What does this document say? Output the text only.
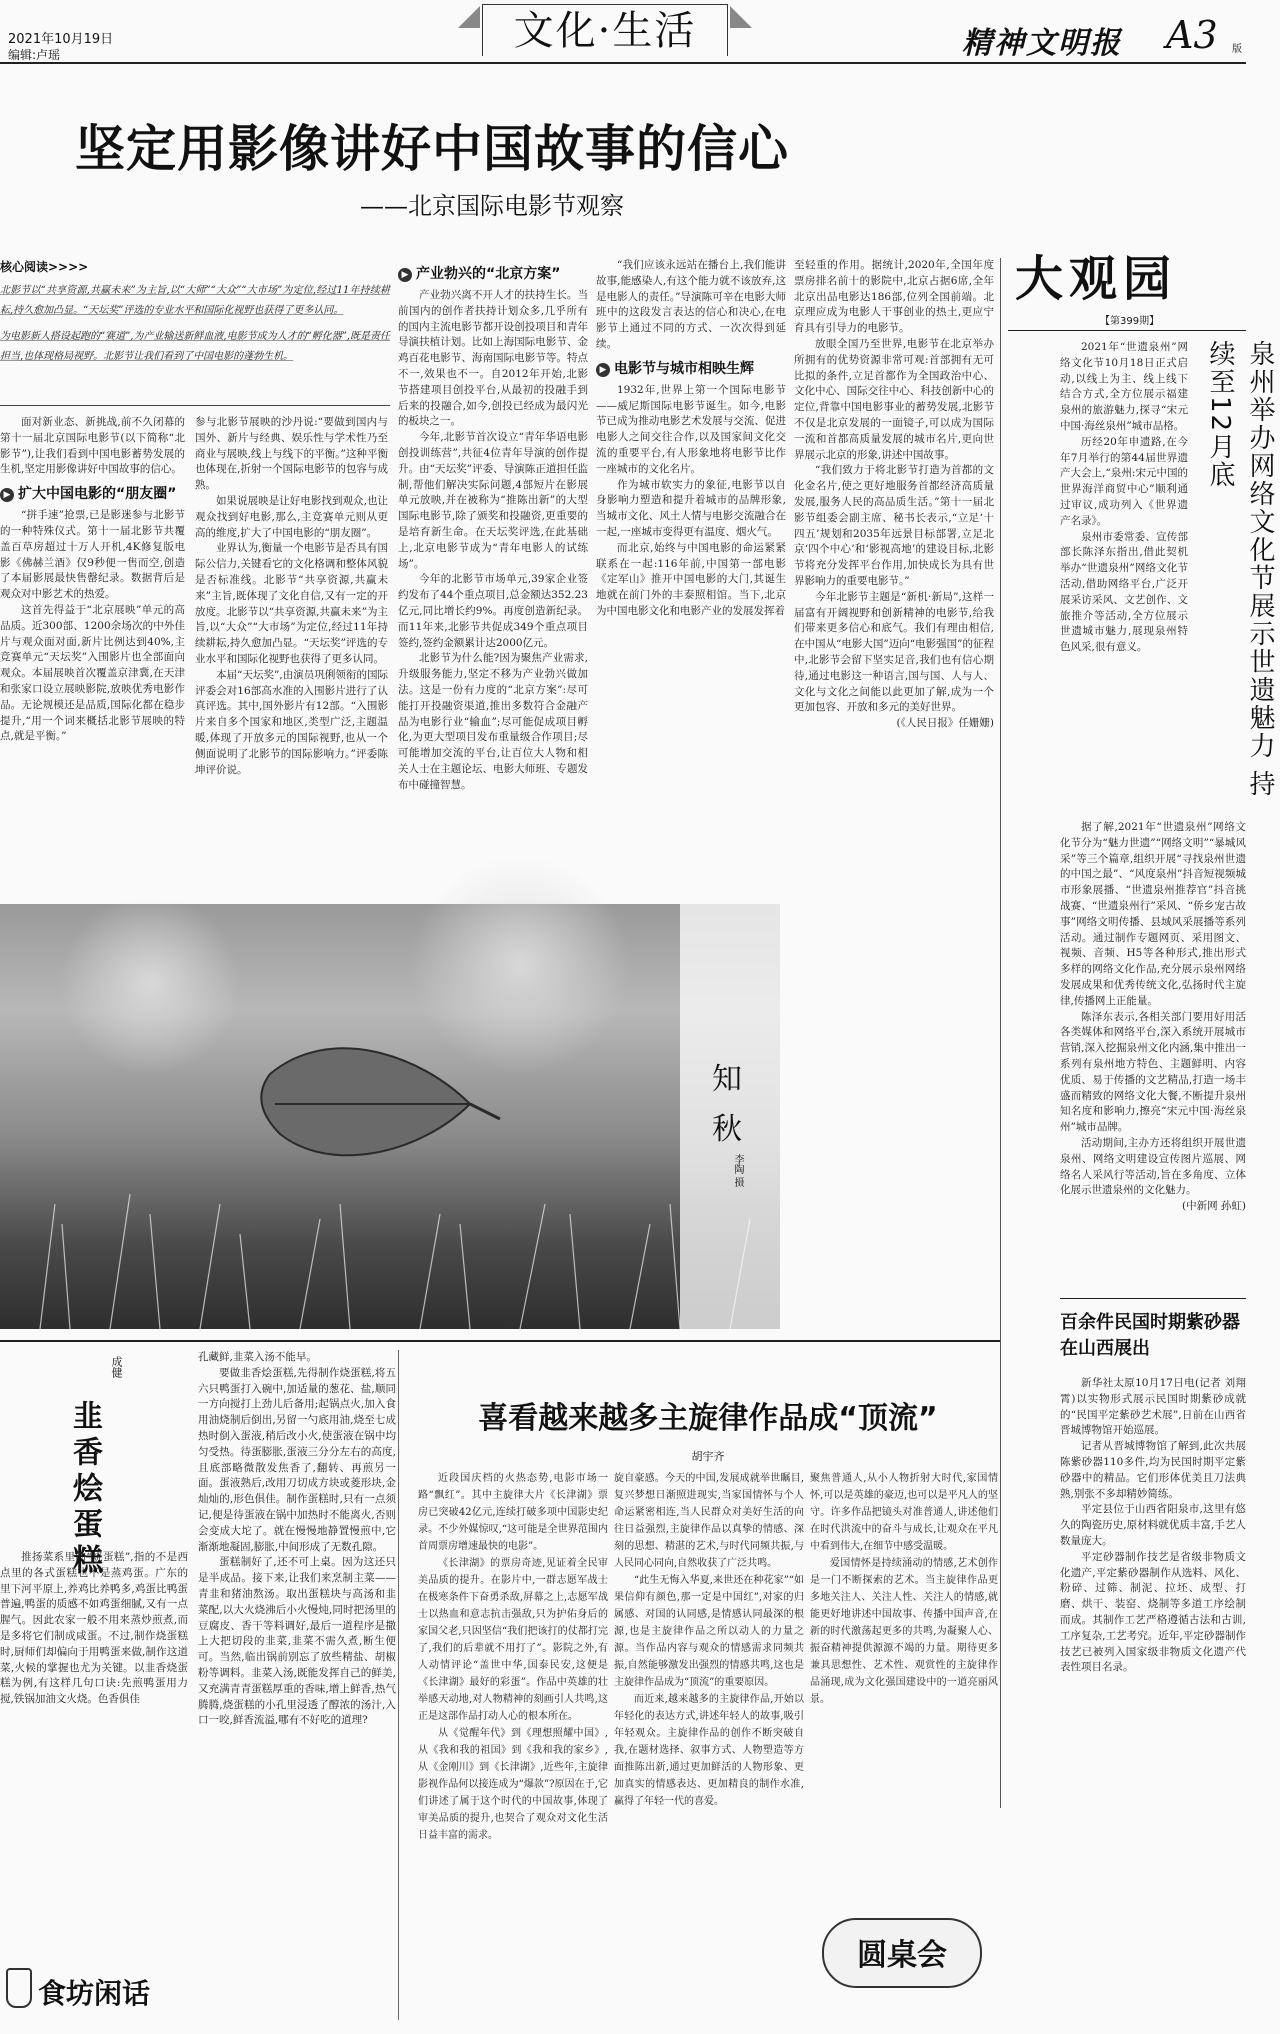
2021年10月19日
编辑:卢瑶
文化·生活	精神文明报 A3 版
坚定用影像讲好中国故事的信心
——北京国际电影节观察
核心阅读>>>>
北影节以“共享资源,共赢未来”为主旨,以“大师”“大众”“大市场”为定位,经过11年持续耕耘,持久愈加凸显。“天坛奖”评选的专业水平和国际化视野也获得了更多认同。
为电影新人搭设起跑的“赛道”,为产业输送新鲜血液,电影节成为人才的“孵化器”,既是责任担当,也体现格局视野。北影节让我们看到了中国电影的蓬勃生机。

面对新业态、新挑战,前不久闭幕的第十一届北京国际电影节(以下简称“北影节”),让我们看到中国电影蓄势发展的生机,坚定用影像讲好中国故事的信心。

▶ 扩大中国电影的“朋友圈”

“拼手速”抢票,已是影迷参与北影节的一种特殊仪式。第十一届北影节共覆盖百草房超过十万人开机,4K修复版电影《佛赫兰酒》仅9秒便一售而空,创造了本届影展最快售罄纪录。数据背后是观众对中影艺术的热爱。

这首先得益于“北京展映”单元的高品质。近300部、1200余场次的中外佳片与观众面对面,新片比例达到40%,主竞赛单元“天坛奖”入围影片也全部面向观众。本届展映首次覆盖京津冀,在天津和张家口设立展映影院,放映优秀电影作品。无论规模还是品质,国际化都在稳步提升,“用一个词来概括北影节展映的特点,就是平衡。”

参与北影节展映的沙丹说:“要做到国内与国外、新片与经典、娱乐性与学术性乃至商业与展映,线上与线下的平衡。”这种平衡也体现在,折射一个国际电影节的包容与成熟。

如果说展映是让好电影找到观众,也让观众找到好电影,那么,主竞赛单元则从更高的维度,扩大了中国电影的“朋友圈”。

业界认为,衡量一个电影节是否具有国际公信力,关键看它的文化格调和整体风貌是否标准线。北影节“共享资源,共赢未来”主旨,既体现了文化自信,又有一定的开放度。北影节以“共享资源,共赢未来”为主旨,以“大众”“大市场”为定位,经过11年持续耕耘,持久愈加凸显。“天坛奖”评选的专业水平和国际化视野也获得了更多认同。

本届“天坛奖”,由演员巩俐领衔的国际评委会对16部高水准的入围影片进行了认真评选。其中,国外影片有12部。“入围影片来自多个国家和地区,类型广泛,主题温暖,体现了开放多元的国际视野,也从一个侧面说明了北影节的国际影响力。”评委陈坤评价说。

▶ 产业勃兴的“北京方案”

产业勃兴离不开人才的扶持生长。当前国内的创作者扶持计划众多,几乎所有的国内主流电影节都开设创投项目和青年导演扶植计划。比如上海国际电影节、金鸡百花电影节、海南国际电影节等。特点不一,效果也不一。自2012年开始,北影节搭建项目创投平台,从最初的投融手到后来的投融合,如今,创投已经成为最闪光的板块之一。

今年,北影节首次设立“青年华语电影创投训练营”,共征4位青年导演的创作提升。由“天坛奖”评委、导演陈正道担任监制,帮他们解决实际问题,4部短片在影展单元放映,并在被称为“推陈出新”的大型国际电影节,除了颁奖和投融资,更重要的是培育新生命。在天坛奖评选,在此基础上,北京电影节成为“青年电影人的试练场”。

今年的北影节市场单元,39家企业签约发布了44个重点项目,总金额达352.23亿元,同比增长约9%。再度创造新纪录。而11年来,北影节共促成349个重点项目签约,签约金额累计达2000亿元。

北影节为什么能?因为聚焦产业需求,升级服务能力,坚定不移为产业勃兴做加法。这是一份有力度的“北京方案”:尽可能打开投融资渠道,推出多数符合金融产品为电影行业“输血”;尽可能促成项目孵化,为更大型项目发布重量级合作项目;尽可能增加交流的平台,让百位大人物和相关人士在主题论坛、电影大师班、专题发布中碰撞智慧。

“我们应该永远站在播台上,我们能讲故事,能感染人,有这个能力就不该放弃,这是电影人的责任。”导演陈可辛在电影大师班中的这段发言表达的信心和决心,在电影节上通过不同的方式、一次次得到延续。

▶ 电影节与城市相映生辉

1932年,世界上第一个国际电影节——威尼斯国际电影节诞生。如今,电影节已成为推动电影艺术发展与交流、促进电影人之间交往合作,以及国家间文化交流的重要平台,有人形象地将电影节比作一座城市的文化名片。

作为城市软实力的象征,电影节以自身影响力塑造和提升着城市的品牌形象,当城市文化、风土人情与电影交流融合在一起,一座城市变得更有温度、烟火气。

而北京,始终与中国电影的命运紧紧联系在一起:116年前,中国第一部电影《定军山》推开中国电影的大门,其诞生地就在前门外的丰泰照相馆。当下,北京为中国电影文化和电影产业的发展发挥着

至轻重的作用。据统计,2020年,全国年度票房排名前十的影院中,北京占据6席,全年北京出品电影达186部,位列全国前端。北京理应成为电影人干事创业的热土,更应宁育具有引导力的电影节。

放眼全国乃至世界,电影节在北京举办所拥有的优势资源非常可观:首部拥有无可比拟的条件,立足首都作为全国政治中心、文化中心、国际交往中心、科技创新中心的定位,背靠中国电影事业的蓄势发展,北影节不仅是北京发展的一面镜子,可以成为国际一流和首都高质量发展的城市名片,更向世界展示北京的形象,讲述中国故事。

“我们致力于将北影节打造为首都的文化金名片,使之更好地服务首都经济高质量发展,服务人民的高品质生活。”第十一届北影节组委会副主席、秘书长表示,“立足‘十四五’规划和2035年远景目标部署,立足北京‘四个中心’和‘影视高地’的建设目标,北影节将充分发挥平台作用,加快成长为具有世界影响力的重要电影节。”

今年北影节主题是“新机·新局”,这样一届富有开阔视野和创新精神的电影节,给我们带来更多信心和底气。我们有理由相信,在中国从“电影大国”迈向“电影强国”的征程中,北影节会留下坚实足音,我们也有信心期待,通过电影这一种语言,国与国、人与人、文化与文化之间能以此更加了解,成为一个更加包容、开放和多元的美好世界。

(《人民日报》任姗姗)
知
秋
李陶 摄
大观园
【第399期】
泉州举办网络文化节展示世遗魅力 持续至12月底

2021年“世遗泉州”网络文化节10月18日正式启动,以线上为主、线上线下结合方式,全方位展示福建泉州的旅游魅力,探寻“宋元中国·海丝泉州”城市品格。

历经20年申遗路,在今年7月举行的第44届世界遗产大会上,“泉州:宋元中国的世界海洋商贸中心”顺利通过审议,成功列入《世界遗产名录》。

泉州市委常委、宣传部部长陈泽东指出,借此契机举办“世遗泉州”网络文化节活动,借助网络平台,广泛开展采访采风、文艺创作、文旅推介等活动,全方位展示世遗城市魅力,展现泉州特色风采,很有意义。

据了解,2021年“世遗泉州”网络文化节分为“魅力世遗”“网络文明”“暴城风采”等三个篇章,组织开展“寻找泉州世遗的中国之最”、“风度泉州”抖音短视频城市形象展播、“世遗泉州推荐官”抖音挑战赛、“世遗泉州行”采风、“侨乡宠古故事”网络文明传播、县域风采展播等系列活动。通过制作专题网页、采用图文、视频、音频、H5等各种形式,推出形式多样的网络文化作品,充分展示泉州网络发展成果和优秀传统文化,弘扬时代主旋律,传播网上正能量。

陈泽东表示,各相关部门要用好用活各类媒体和网络平台,深入系统开展城市营销,深入挖掘泉州文化内涵,集中推出一系列有泉州地方特色、主题鲜明、内容优质、易于传播的文艺精品,打造一场丰盛而精致的网络文化大餐,不断提升泉州知名度和影响力,擦亮“宋元中国·海丝泉州”城市品牌。

活动期间,主办方还将组织开展世遗泉州、网络文明建设宣传图片巡展、网络名人采风行等活动,旨在多角度、立体化展示世遗泉州的文化魅力。

(中新网 孙虹)
百余件民国时期紫砂器在山西展出

新华社太原10月17日电(记者 刘翔霄)以实物形式展示民国时期紫砂成就的“民国平定紫砂艺术展”,日前在山西省晋城博物馆开始巡展。

记者从晋城博物馆了解到,此次共展陈紫砂器110多件,均为民国时期平定紫砂器中的精品。它们形体优美且刀法典熟,别张不多却精妙简练。

平定县位于山西省阳泉市,这里有悠久的陶瓷历史,原材料就优质丰富,手艺人数量庞大。

平定砂器制作技艺是省级非物质文化遗产,平定紫砂器制作从选料、风化、粉碎、过筛、制泥、拉坯、成型、打磨、烘干、装窑、烧制等多道工序绘制而成。其制作工艺严格遵循古法和古训,工序复杂,工艺考究。近年,平定砂器制作技艺已被列入国家级非物质文化遗产代表性项目名录。

成健
韭香烩蛋糕

推扬菜系里的“烧蛋糕”,指的不是西点里的各式蛋糕也不是蒸鸡蛋。广东的里下河平原上,养鸡比养鸭多,鸡蛋比鸭蛋普遍,鸭蛋的质感不如鸡蛋细腻,又有一点腥气。因此农家一般不用来蒸炒煎煮,而是多将它们制成咸蛋。不过,制作烧蛋糕时,厨师们却偏向于用鸭蛋来做,制作这道菜,火候的掌握也尤为关键。以韭香烧蛋糕为例,有这样几句口诀:先煎鸭蛋用力搅,铁锅加油文火烧。色香俱佳

孔藏鲜,韭菜入汤不能早。

要做韭香烩蛋糕,先得制作烧蛋糕,将五六只鸭蛋打入碗中,加适量的葱花、盐,顺同一方向搅打上劲儿后备用;起锅点火,加入食用油烧制后倒出,另留一勺底用油,烧至七成热时倒入蛋液,稍后改小火,使蛋液在锅中均匀受热。待蛋膨胀,蛋液三分分左右的高度,且底部略微散发焦香了,翻转、再煎另一面。蛋液熟后,改用刀切成方块或菱形块,金灿灿的,形色俱佳。制作蛋糕时,只有一点须记,便是待蛋液在锅中加热时不能离火,否则会变成大坨了。就在慢慢地静置慢煎中,它渐渐地凝固,膨胀,中间形成了无数孔隙。

蛋糕制好了,还不可上桌。因为这还只是半成品。接下来,让我们来烹制主菜——青韭和猪油熬汤。取出蛋糕块与高汤和韭菜配,以大火烧沸后小火慢炖,同时把汤里的豆腐皮、香干等料调好,最后一道程序是撒上大把切段的韭菜,韭菜不需久煮,断生便可。当然,临出锅前别忘了放些精盐、胡椒粉等调料。韭菜入汤,既能发挥自己的鲜美,又充满青青蛋糕厚重的香味,增上鲜香,热气腾腾,烧蛋糕的小孔里浸透了醇浓的汤汁,入口一咬,鲜香流溢,哪有不好吃的道理?

食坊闲话
喜看越来越多主旋律作品成“顶流”
胡宇齐

近段国庆档的火热态势,电影市场一路“飘红”。其中主旋律大片《长津湖》票房已突破42亿元,连续打破多项中国影史纪录。不少外媒惊叹,“这可能是全世界范围内首周票房增速最快的电影”。

《长津湖》的票房奇迹,见证着全民审美品质的提升。在影片中,一群志愿军战士在极寒条件下奋勇杀敌,屏幕之上,志愿军战士以热血和意志抗击强敌,只为护佑身后的家国父老,只因坚信“我们把该打的仗都打完了,我们的后辈就不用打了”。影院之外,有人动情评论“盖世中华,国泰民安,这便是《长津湖》最好的彩蛋”。作品中英雄的壮举感天动地,对人物精神的刻画引人共鸣,这正是这部作品打动人心的根本所在。

从《觉醒年代》到《理想照耀中国》,从《我和我的祖国》到《我和我的家乡》,从《金刚川》到《长津湖》,近些年,主旋律影视作品何以接连成为“爆款”?原因在于,它们讲述了属于这个时代的中国故事,体现了审美品质的提升,也契合了观众对文化生活日益丰富的需求。

旋自豪感。今天的中国,发展成就举世瞩目,复兴梦想日渐照进现实,当家国情怀与个人命运紧密相连,当人民群众对美好生活的向往日益强烈,主旋律作品以真挚的情感、深刻的思想、精湛的艺术,与时代同频共振,与人民同心同向,自然收获了广泛共鸣。

“此生无悔入华夏,来世还在种花家”“如果信仰有颜色,那一定是中国红”,对家的归属感、对国的认同感,是情感认同最深的根源,也是主旋律作品之所以动人的力量之源。当作品内容与观众的情感需求同频共振,自然能够激发出强烈的情感共鸣,这也是主旋律作品成为“顶流”的重要原因。

而近来,越来越多的主旋律作品,开始以年轻化的表达方式,讲述年轻人的故事,吸引年轻观众。主旋律作品的创作不断突破自我,在题材选择、叙事方式、人物塑造等方面推陈出新,通过更加鲜活的人物形象、更加真实的情感表达、更加精良的制作水准,赢得了年轻一代的喜爱。

聚焦普通人,从小人物折射大时代,家国情怀,可以是英雄的豪迈,也可以是平凡人的坚守。许多作品把镜头对准普通人,讲述他们在时代洪流中的奋斗与成长,让观众在平凡中看到伟大,在细节中感受温暖。

爱国情怀是持续涌动的情感,艺术创作是一门不断探索的艺术。当主旋律作品更多地关注人、关注人性、关注人的情感,就能更好地讲述中国故事、传播中国声音,在新的时代激荡起更多的共鸣,为凝聚人心、振奋精神提供源源不竭的力量。期待更多兼具思想性、艺术性、观赏性的主旋律作品涌现,成为文化强国建设中的一道亮丽风景。

圆桌会
